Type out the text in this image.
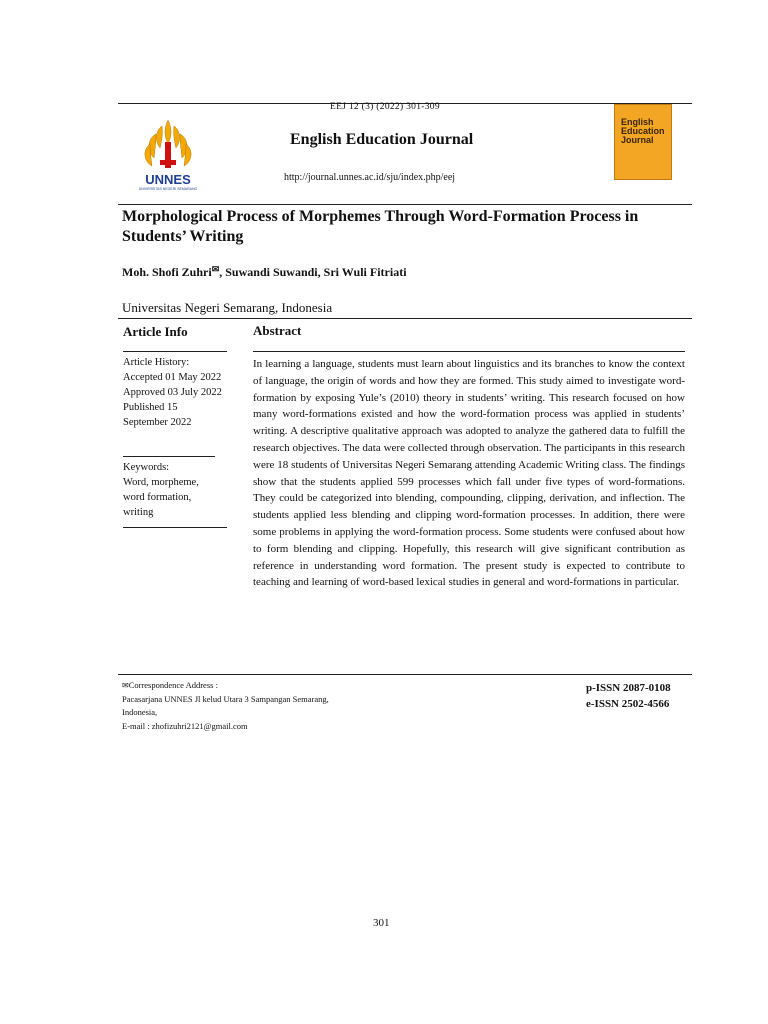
EEJ 12 (3) (2022) 301-309
UNNES
UNIVERSITAS NEGERI SEMARANG
English Education Journal
http://journal.unnes.ac.id/sju/index.php/eej
English Education Journal
Morphological Process of Morphemes Through Word-Formation Process in Students’ Writing
Moh. Shofi Zuhri✉, Suwandi Suwandi, Sri Wuli Fitriati
Universitas Negeri Semarang, Indonesia
Article Info
Article History:
Accepted 01 May 2022
Approved 03 July 2022
Published 15 September 2022
Keywords:
Word, morpheme, word formation, writing
Abstract
In learning a language, students must learn about linguistics and its branches to know the context of language, the origin of words and how they are formed. This study aimed to investigate word-formation by exposing Yule’s (2010) theory in students’ writing. This research focused on how many word-formations existed and how the word-formation process was applied in students’ writing. A descriptive qualitative approach was adopted to analyze the gathered data to fulfill the research objectives. The data were collected through observation. The participants in this research were 18 students of Universitas Negeri Semarang attending Academic Writing class. The findings show that the students applied 599 processes which fall under five types of word-formations. They could be categorized into blending, compounding, clipping, derivation, and inflection. The students applied less blending and clipping word-formation processes. In addition, there were some problems in applying the word-formation process. Some students were confused about how to form blending and clipping. Hopefully, this research will give significant contribution as reference in understanding word formation. The present study is expected to contribute to teaching and learning of word-based lexical studies in general and word-formations in particular.
✉Correspondence Address :
Pacasarjana UNNES Jl kelud Utara 3 Sampangan Semarang,
Indonesia,
E-mail : zhofizuhri2121@gmail.com
p-ISSN 2087-0108
e-ISSN 2502-4566
301
